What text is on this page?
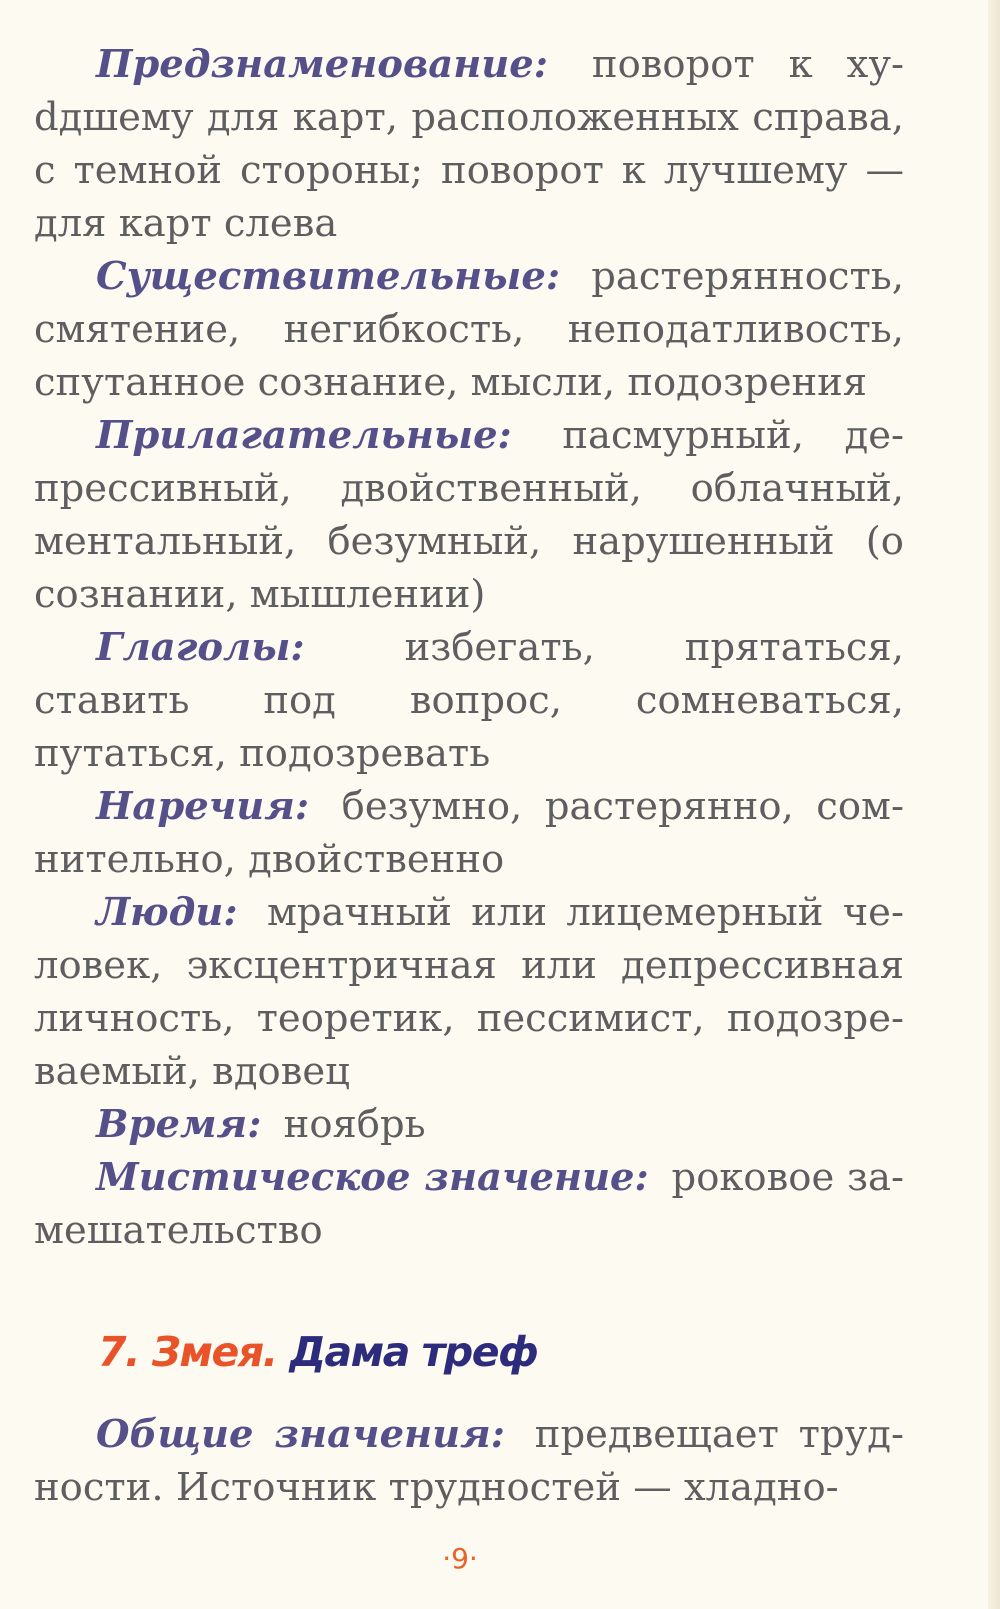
Предзнаменование: поворот к хуdдшему для карт, расположенных справа, с темной стороны; поворот к лучшему — для карт слева

Существительные: растерянность, смятение, негибкость, неподатливость, спутанное сознание, мысли, подозрения

Прилагательные: пасмурный, депрессивный, двойственный, облачный, ментальный, безумный, нарушенный (о сознании, мышлении)

Глаголы:	избегать, прятаться, ставить под вопрос, сомневаться, путаться, подозревать

Наречия: безумно, растерянно, сомнительно, двойственно

Люди: мрачный или лицемерный человек, эксцентричная или депрессивная личность, теоретик, пессимист, подозреваемый, вдовец

Время: ноябрь

Мистическое значение: роковое замешательство

7. Змея. Дама треф

Общие значения: предвещает трудности. Источник трудностей — хладно-

·9·
